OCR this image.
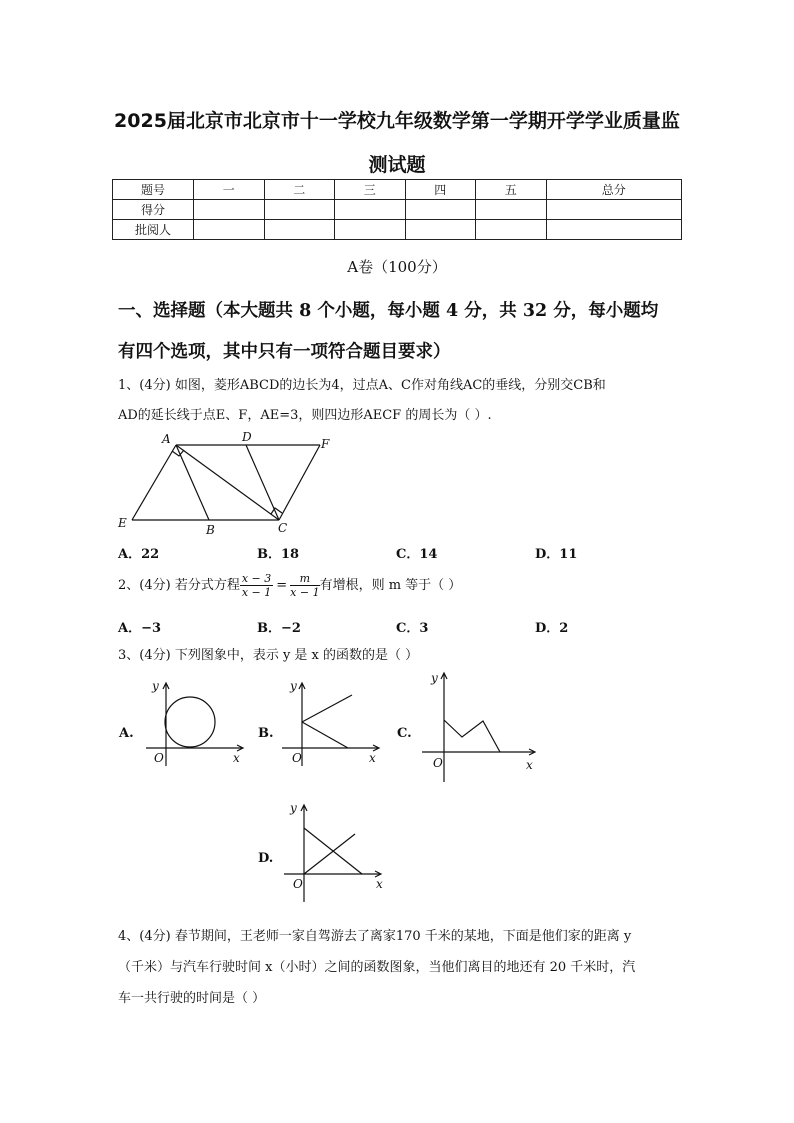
2025届北京市北京市十一学校九年级数学第一学期开学学业质量监
测试题
题号	一	二	三	四	五	总分
得分						
批阅人						
A卷（100分）
一、选择题（本大题共 8 个小题，每小题 4 分，共 32 分，每小题均
有四个选项，其中只有一项符合题目要求）
1、(4分) 如图，菱形ABCD的边长为4，过点A、C作对角线AC的垂线，分别交CB和
AD的延长线于点E、F，AE=3，则四边形AECF 的周长为（ ）.
A	D	F
E	B	C
A．22	B．18	C．14	D．11
2、(4分) 若分式方程 $\frac{x - 3}{x - 1} = \frac{m}{x - 1}$ 有增根，则 m 等于（ ）
A．−3	B．−2	C．3	D．2
3、(4分) 下列图象中，表示 y 是 x 的函数的是（ ）
A.
y
x
O
B.
y
x
O
C.
y
x
O
D.
y
x
O
4、(4分) 春节期间，王老师一家自驾游去了离家170 千米的某地，下面是他们家的距离 y
（千米）与汽车行驶时间 x（小时）之间的函数图象，当他们离目的地还有 20 千米时，汽
车一共行驶的时间是（ ）
